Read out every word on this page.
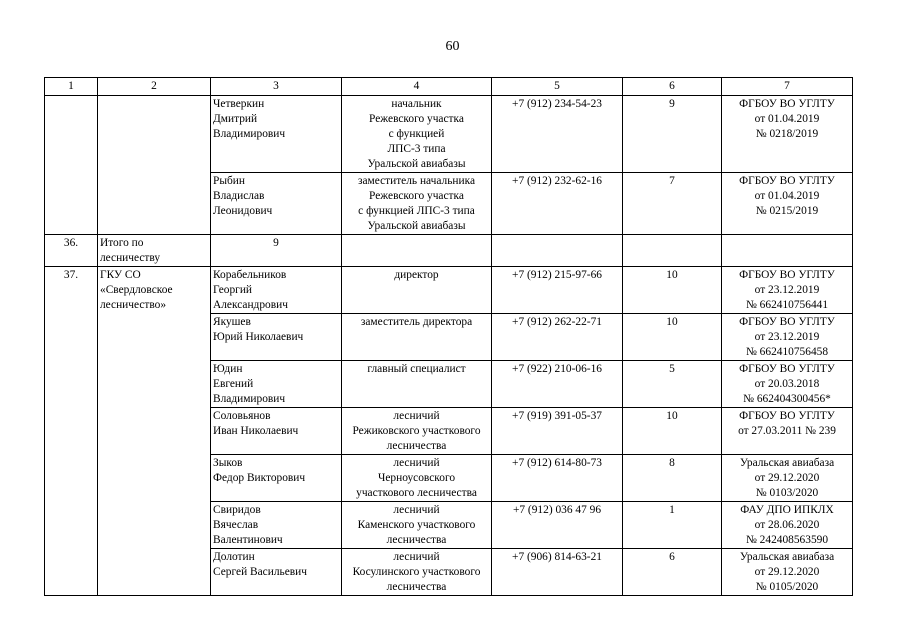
60
1	2	3	4	5	6	7
		Четверкин
Дмитрий
Владимирович	начальник
Режевского участка
с функцией
ЛПС-3 типа
Уральской авиабазы	+7 (912) 234-54-23	9	ФГБОУ ВО УГЛТУ
от 01.04.2019
№ 0218/2019
		Рыбин
Владислав
Леонидович	заместитель начальника
Режевского участка
с функцией ЛПС-3 типа
Уральской авиабазы	+7 (912) 232-62-16	7	ФГБОУ ВО УГЛТУ
от 01.04.2019
№ 0215/2019
36.	Итого по
лесничеству	9				
37.	ГКУ СО
«Свердловское
лесничество»	Корабельников
Георгий
Александрович	директор	+7 (912) 215-97-66	10	ФГБОУ ВО УГЛТУ
от 23.12.2019
№ 662410756441
		Якушев
Юрий Николаевич	заместитель директора	+7 (912) 262-22-71	10	ФГБОУ ВО УГЛТУ
от 23.12.2019
№ 662410756458
		Юдин
Евгений
Владимирович	главный специалист	+7 (922) 210-06-16	5	ФГБОУ ВО УГЛТУ
от 20.03.2018
№ 662404300456*
		Соловьянов
Иван Николаевич	лесничий
Режиковского участкового
лесничества	+7 (919) 391-05-37	10	ФГБОУ ВО УГЛТУ
от 27.03.2011 № 239
		Зыков
Федор Викторович	лесничий
Черноусовского
участкового лесничества	+7 (912) 614-80-73	8	Уральская авиабаза
от 29.12.2020
№ 0103/2020
		Свиридов
Вячеслав
Валентинович	лесничий
Каменского участкового
лесничества	+7 (912) 036 47 96	1	ФАУ ДПО ИПКЛХ
от 28.06.2020
№ 242408563590
		Долотин
Сергей Васильевич	лесничий
Косулинского участкового
лесничества	+7 (906) 814-63-21	6	Уральская авиабаза
от 29.12.2020
№ 0105/2020
